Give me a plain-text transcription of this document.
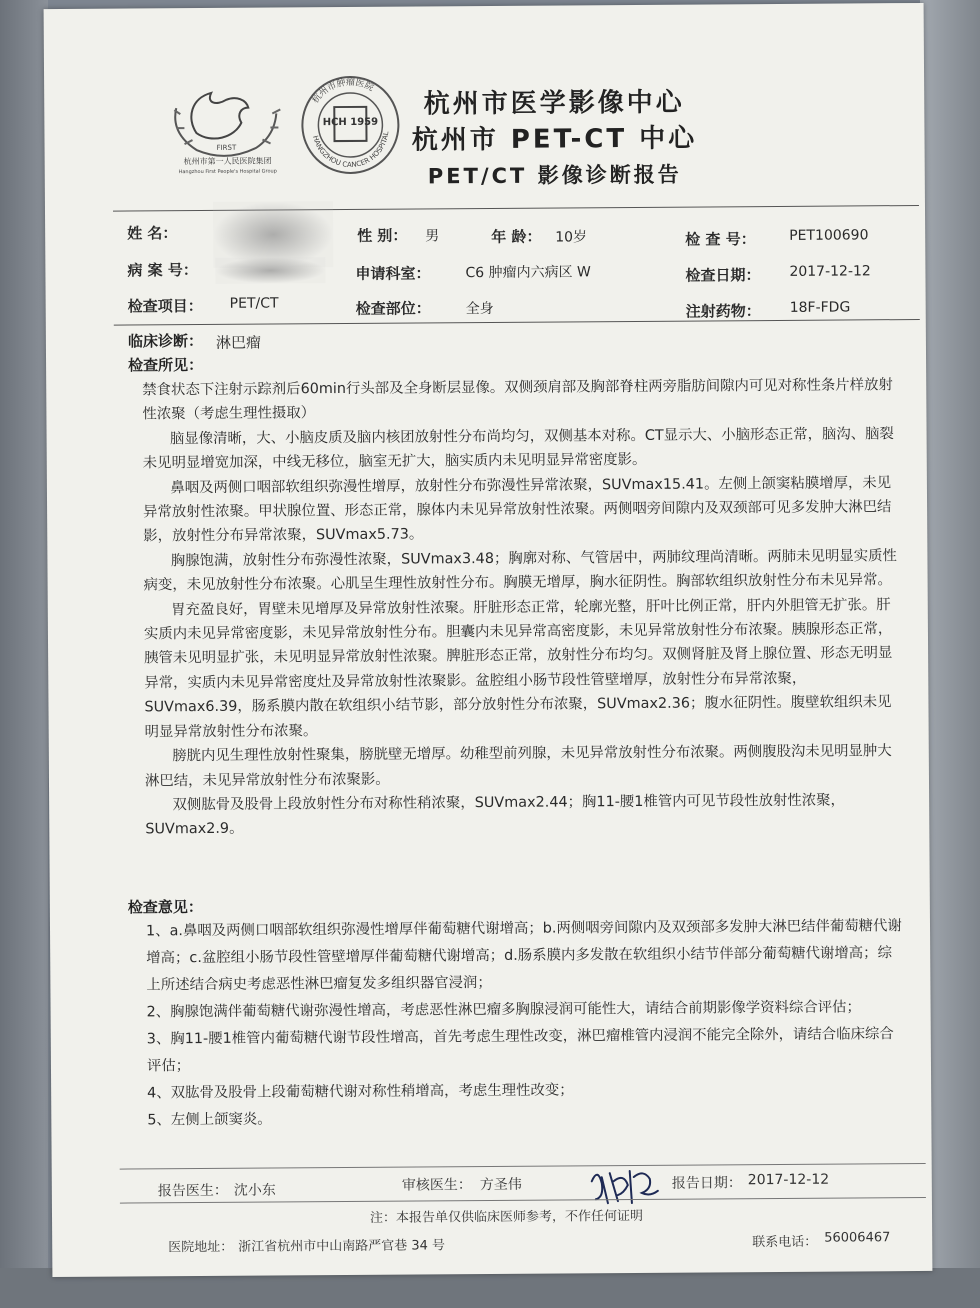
FIRST
杭州市第一人民医院集团
Hangzhou First People's Hospital Group
HCH 1959
杭州市肿瘤医院
HANGZHOU CANCER HOSPITAL
杭州市医学影像中心
杭州市 PET-CT 中心
PET/CT 影像诊断报告
姓 名：	性 别： 男	年 龄： 10岁	检 查 号： PET100690
病 案 号：	申请科室： C6 肿瘤内六病区 W	检查日期： 2017-12-12
检查项目： PET/CT	检查部位： 全身	注射药物： 18F-FDG
临床诊断： 淋巴瘤
检查所见：

禁食状态下注射示踪剂后60min行头部及全身断层显像。双侧颈肩部及胸部脊柱两旁脂肪间隙内可见对称性条片样放射性浓聚（考虑生理性摄取）

脑显像清晰，大、小脑皮质及脑内核团放射性分布尚均匀，双侧基本对称。CT显示大、小脑形态正常，脑沟、脑裂未见明显增宽加深，中线无移位，脑室无扩大，脑实质内未见明显异常密度影。

鼻咽及两侧口咽部软组织弥漫性增厚，放射性分布弥漫性异常浓聚，SUVmax15.41。左侧上颌窦粘膜增厚，未见异常放射性浓聚。甲状腺位置、形态正常，腺体内未见异常放射性浓聚。两侧咽旁间隙内及双颈部可见多发肿大淋巴结影，放射性分布异常浓聚，SUVmax5.73。

胸腺饱满，放射性分布弥漫性浓聚，SUVmax3.48；胸廓对称、气管居中，两肺纹理尚清晰。两肺未见明显实质性病变，未见放射性分布浓聚。心肌呈生理性放射性分布。胸膜无增厚，胸水征阴性。胸部软组织放射性分布未见异常。

胃充盈良好，胃壁未见增厚及异常放射性浓聚。肝脏形态正常，轮廓光整，肝叶比例正常，肝内外胆管无扩张。肝实质内未见异常密度影，未见异常放射性分布。胆囊内未见异常高密度影，未见异常放射性分布浓聚。胰腺形态正常，胰管未见明显扩张，未见明显异常放射性浓聚。脾脏形态正常，放射性分布均匀。双侧肾脏及肾上腺位置、形态无明显异常，实质内未见异常密度灶及异常放射性浓聚影。盆腔组小肠节段性管壁增厚，放射性分布异常浓聚，SUVmax6.39，肠系膜内散在软组织小结节影，部分放射性分布浓聚，SUVmax2.36；腹水征阴性。腹壁软组织未见明显异常放射性分布浓聚。

膀胱内见生理性放射性聚集，膀胱壁无增厚。幼稚型前列腺，未见异常放射性分布浓聚。两侧腹股沟未见明显肿大淋巴结，未见异常放射性分布浓聚影。

双侧肱骨及股骨上段放射性分布对称性稍浓聚，SUVmax2.44；胸11-腰1椎管内可见节段性放射性浓聚，SUVmax2.9。

检查意见：

1、a.鼻咽及两侧口咽部软组织弥漫性增厚伴葡萄糖代谢增高；b.两侧咽旁间隙内及双颈部多发肿大淋巴结伴葡萄糖代谢增高；c.盆腔组小肠节段性管壁增厚伴葡萄糖代谢增高；d.肠系膜内多发散在软组织小结节伴部分葡萄糖代谢增高；综上所述结合病史考虑恶性淋巴瘤复发多组织器官浸润；

2、胸腺饱满伴葡萄糖代谢弥漫性增高，考虑恶性淋巴瘤多胸腺浸润可能性大，请结合前期影像学资料综合评估；

3、胸11-腰1椎管内葡萄糖代谢节段性增高，首先考虑生理性改变，淋巴瘤椎管内浸润不能完全除外，请结合临床综合评估；

4、双肱骨及股骨上段葡萄糖代谢对称性稍增高，考虑生理性改变；

5、左侧上颌窦炎。

报告医生： 沈小东	审核医生： 方圣伟	报告日期： 2017-12-12
注：本报告单仅供临床医师参考，不作任何证明
医院地址： 浙江省杭州市中山南路严官巷 34 号	联系电话： 56006467
